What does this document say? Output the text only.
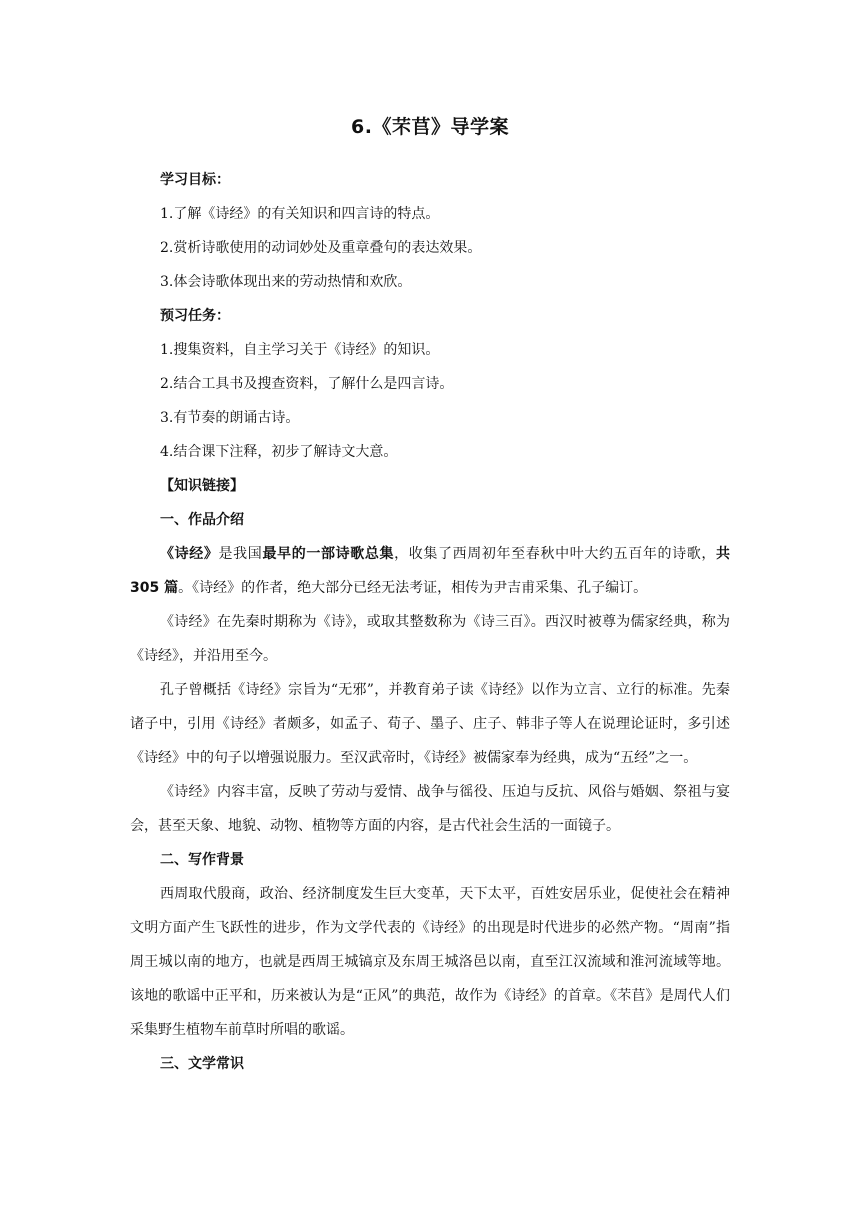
6.《芣苢》导学案
学习目标：
1.了解《诗经》的有关知识和四言诗的特点。
2.赏析诗歌使用的动词妙处及重章叠句的表达效果。
3.体会诗歌体现出来的劳动热情和欢欣。
预习任务：
1.搜集资料，自主学习关于《诗经》的知识。
2.结合工具书及搜查资料，了解什么是四言诗。
3.有节奏的朗诵古诗。
4.结合课下注释，初步了解诗文大意。
【知识链接】
一、作品介绍

《诗经》是我国最早的一部诗歌总集，收集了西周初年至春秋中叶大约五百年的诗歌，共305 篇。《诗经》的作者，绝大部分已经无法考证，相传为尹吉甫采集、孔子编订。

《诗经》在先秦时期称为《诗》，或取其整数称为《诗三百》。西汉时被尊为儒家经典，称为《诗经》，并沿用至今。

孔子曾概括《诗经》宗旨为“无邪”，并教育弟子读《诗经》以作为立言、立行的标准。先秦诸子中，引用《诗经》者颇多，如孟子、荀子、墨子、庄子、韩非子等人在说理论证时，多引述《诗经》中的句子以增强说服力。至汉武帝时，《诗经》被儒家奉为经典，成为“五经”之一。

《诗经》内容丰富，反映了劳动与爱情、战争与徭役、压迫与反抗、风俗与婚姻、祭祖与宴会，甚至天象、地貌、动物、植物等方面的内容，是古代社会生活的一面镜子。

二、写作背景

西周取代殷商，政治、经济制度发生巨大变革，天下太平，百姓安居乐业，促使社会在精神文明方面产生飞跃性的进步，作为文学代表的《诗经》的出现是时代进步的必然产物。“周南”指周王城以南的地方，也就是西周王城镐京及东周王城洛邑以南，直至江汉流域和淮河流域等地。该地的歌谣中正平和，历来被认为是“正风”的典范，故作为《诗经》的首章。《芣苢》是周代人们采集野生植物车前草时所唱的歌谣。

三、文学常识
